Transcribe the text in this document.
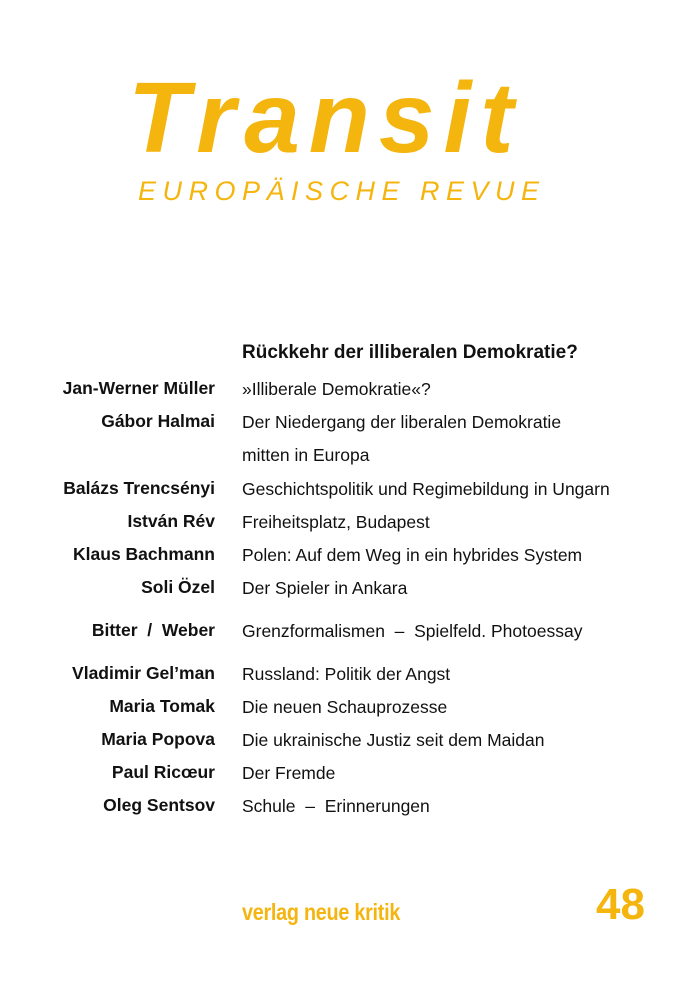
Transit
EUROPÄISCHE REVUE
Rückkehr der illiberalen Demokratie?
Jan-Werner Müller »Illiberale Demokratie«?
Gábor Halmai Der Niedergang der liberalen Demokratie
mitten in Europa
Balázs Trencsényi Geschichtspolitik und Regimebildung in Ungarn
István Rév Freiheitsplatz, Budapest
Klaus Bachmann Polen: Auf dem Weg in ein hybrides System
Soli Özel Der Spieler in Ankara
Bitter  /  Weber Grenzformalismen  –  Spielfeld. Photoessay
Vladimir Gel’man Russland: Politik der Angst
Maria Tomak Die neuen Schauprozesse
Maria Popova Die ukrainische Justiz seit dem Maidan
Paul Ricœur Der Fremde
Oleg Sentsov Schule  –  Erinnerungen
verlag neue kritik	48
